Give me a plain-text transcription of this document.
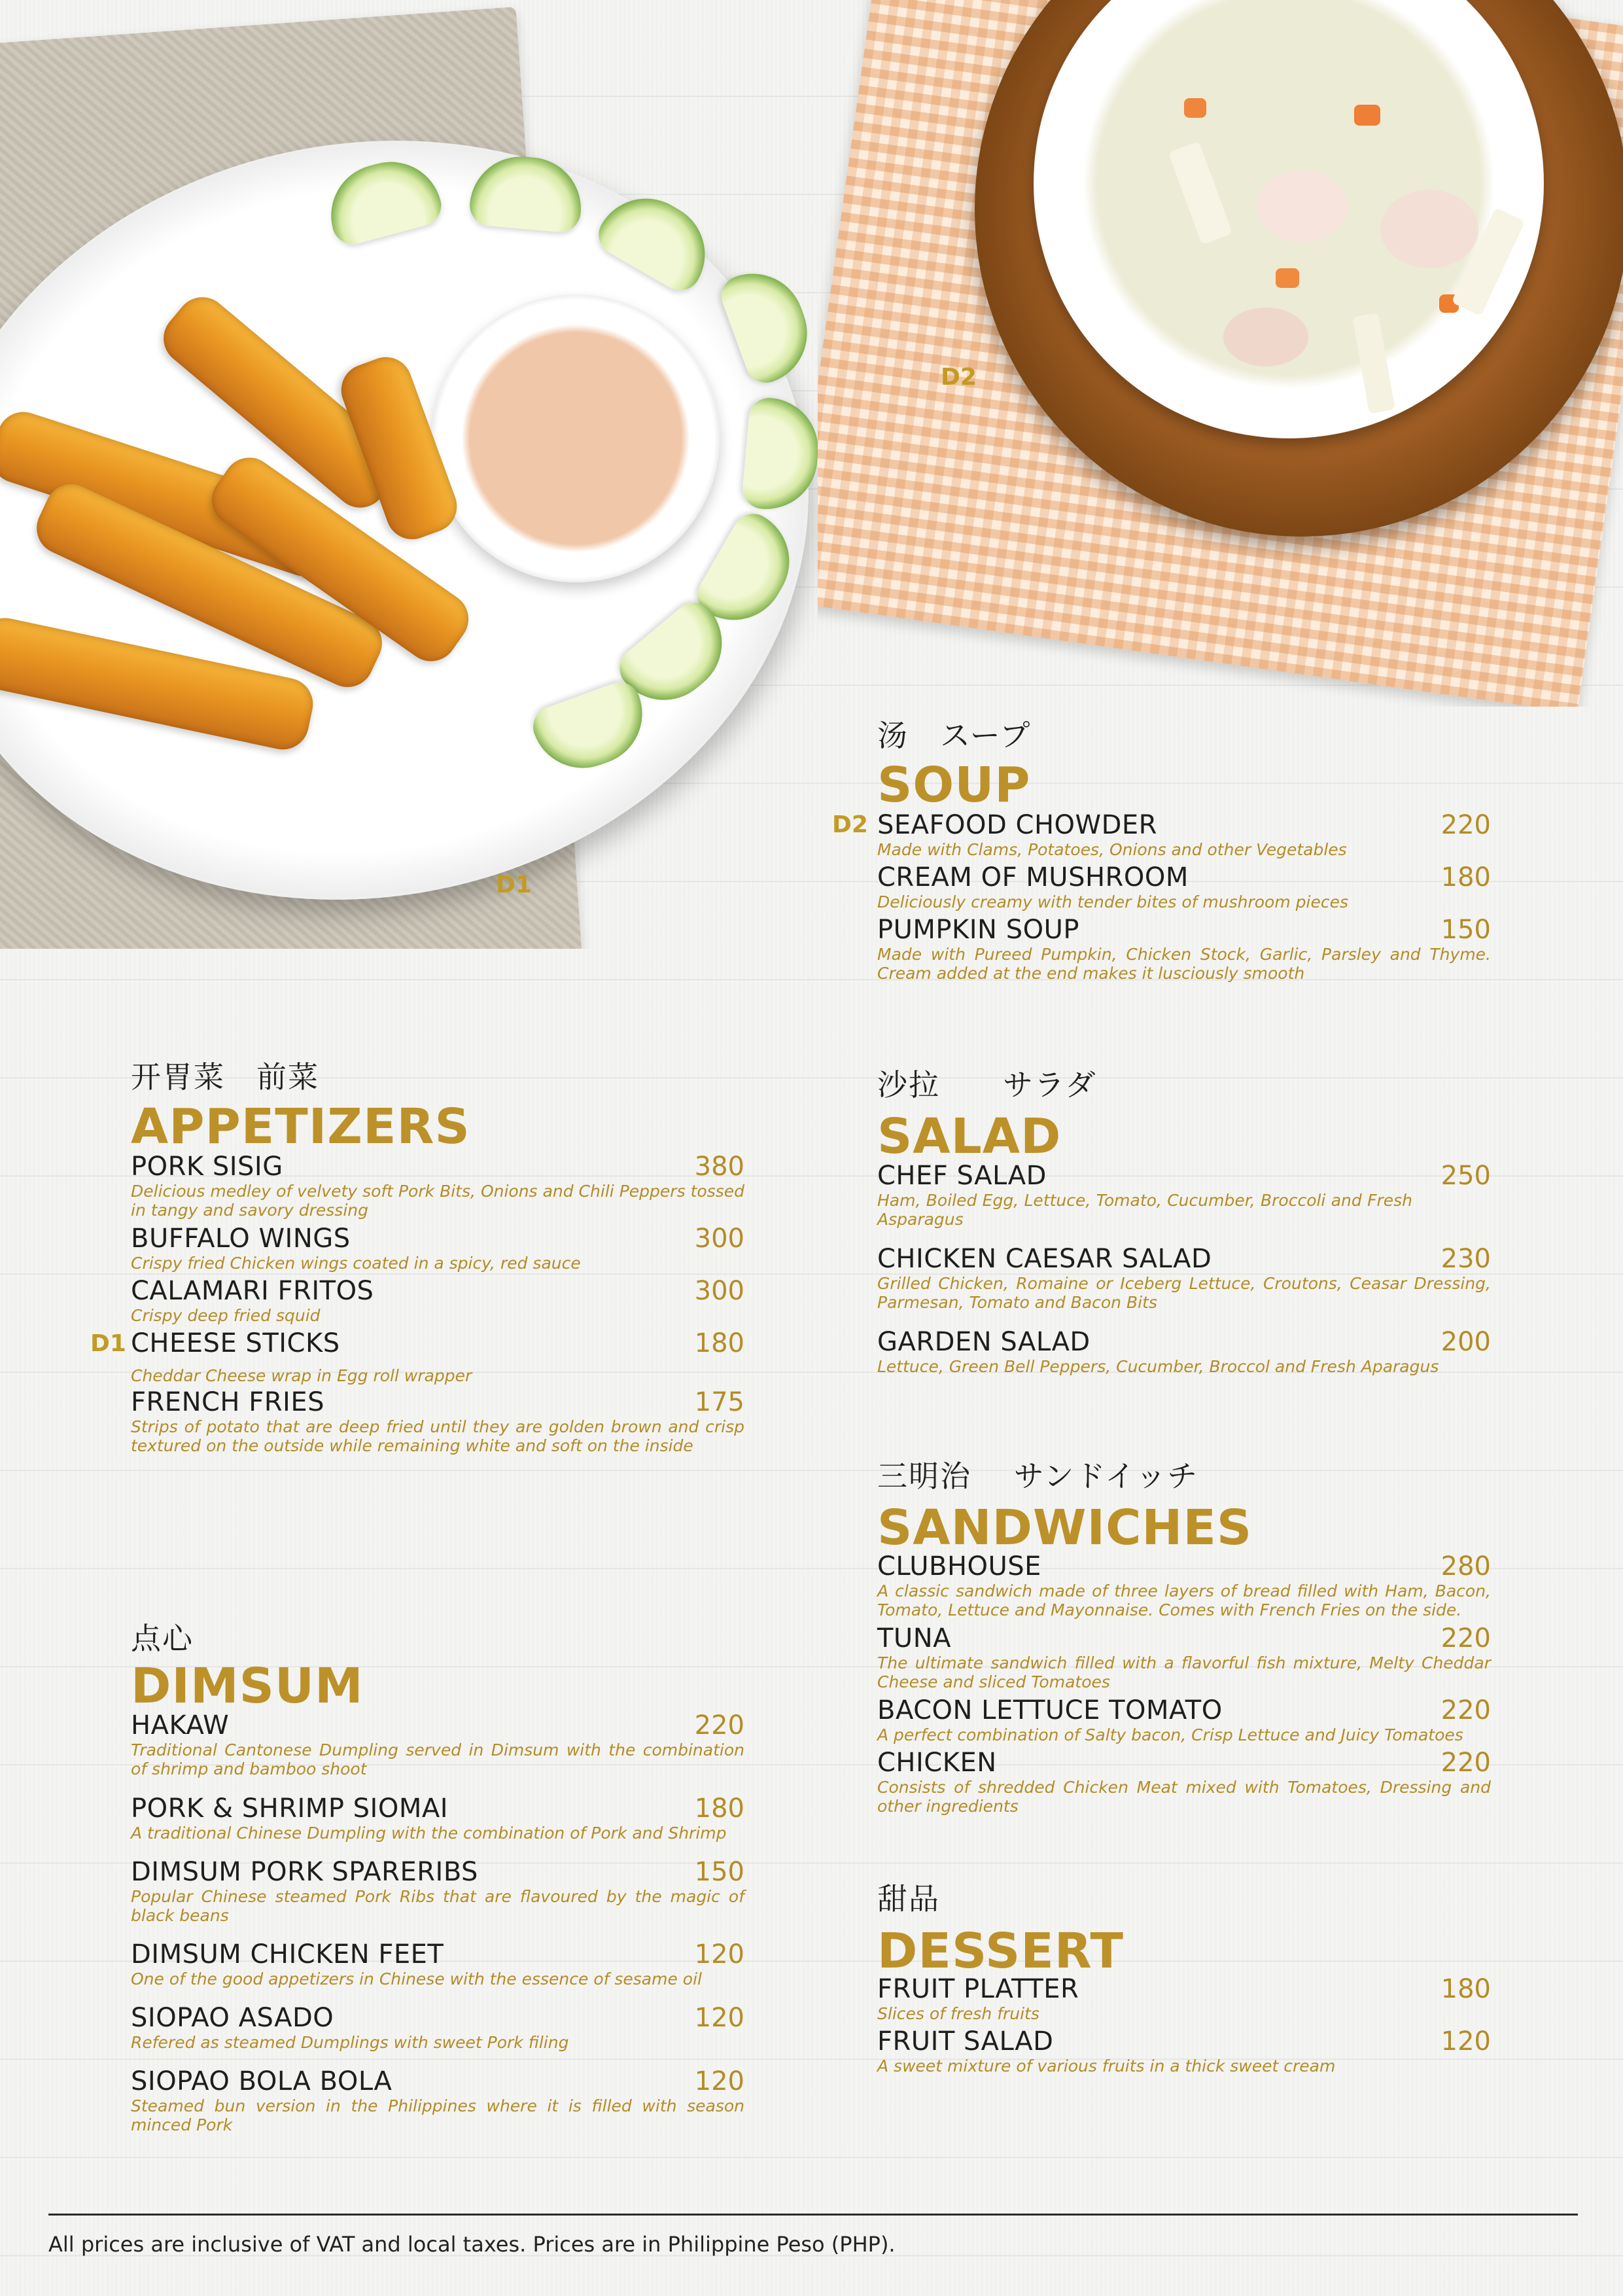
D1
D2
汤　スープ
SOUP
D2 SEAFOOD CHOWDER	220
Made with Clams, Potatoes, Onions and other Vegetables
CREAM OF MUSHROOM	180
Deliciously creamy with tender bites of mushroom pieces
PUMPKIN SOUP	150
Made with Pureed Pumpkin, Chicken Stock, Garlic, Parsley and Thyme. Cream added at the end makes it lusciously smooth
开胃菜　前菜
APPETIZERS
PORK SISIG	380
Delicious medley of velvety soft Pork Bits, Onions and Chili Peppers tossed in tangy and savory dressing
BUFFALO WINGS	300
Crispy fried Chicken wings coated in a spicy, red sauce
CALAMARI FRITOS	300
Crispy deep fried squid
D1 CHEESE STICKS	180
Cheddar Cheese wrap in Egg roll wrapper
FRENCH FRIES	175
Strips of potato that are deep fried until they are golden brown and crisp textured on the outside while remaining white and soft on the inside
沙拉　　サラダ
SALAD
CHEF SALAD	250
Ham, Boiled Egg, Lettuce, Tomato, Cucumber, Broccoli and Fresh Asparagus
CHICKEN CAESAR SALAD	230
Grilled Chicken, Romaine or Iceberg Lettuce, Croutons, Ceasar Dressing, Parmesan, Tomato and Bacon Bits
GARDEN SALAD	200
Lettuce, Green Bell Peppers, Cucumber, Broccol and Fresh Aparagus
三明治　 サンドイッチ
SANDWICHES
CLUBHOUSE	280
A classic sandwich made of three layers of bread filled with Ham, Bacon, Tomato, Lettuce and Mayonnaise. Comes with French Fries on the side.
TUNA	220
The ultimate sandwich filled with a flavorful fish mixture, Melty Cheddar Cheese and sliced Tomatoes
BACON LETTUCE TOMATO	220
A perfect combination of Salty bacon, Crisp Lettuce and Juicy Tomatoes
CHICKEN	220
Consists of shredded Chicken Meat mixed with Tomatoes, Dressing and other ingredients
点心
DIMSUM
HAKAW	220
Traditional Cantonese Dumpling served in Dimsum with the combination of shrimp and bamboo shoot
PORK & SHRIMP SIOMAI	180
A traditional Chinese Dumpling with the combination of Pork and Shrimp
DIMSUM PORK SPARERIBS	150
Popular Chinese steamed Pork Ribs that are flavoured by the magic of black beans
DIMSUM CHICKEN FEET	120
One of the good appetizers in Chinese with the essence of sesame oil
SIOPAO ASADO	120
Refered as steamed Dumplings with sweet Pork filing
SIOPAO BOLA BOLA	120
Steamed bun version in the Philippines where it is filled with season minced Pork
甜品
DESSERT
FRUIT PLATTER	180
Slices of fresh fruits
FRUIT SALAD	120
A sweet mixture of various fruits in a thick sweet cream
All prices are inclusive of VAT and local taxes. Prices are in Philippine Peso (PHP).
